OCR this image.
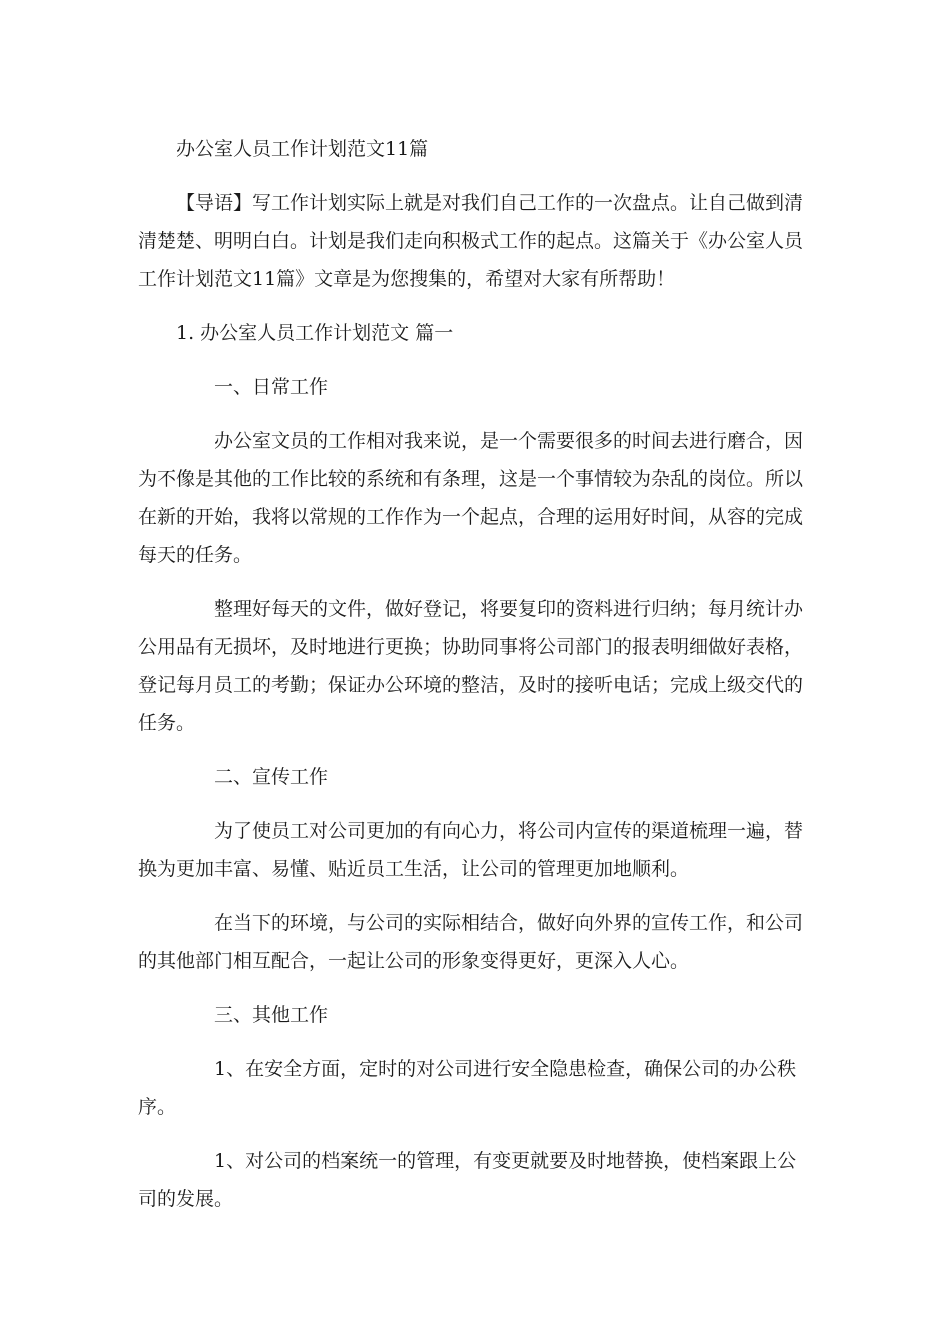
办公室人员工作计划范文11篇

【导语】写工作计划实际上就是对我们自己工作的一次盘点。让自己做到清清楚楚、明明白白。计划是我们走向积极式工作的起点。这篇关于《办公室人员工作计划范文11篇》文章是为您搜集的，希望对大家有所帮助！

1. 办公室人员工作计划范文 篇一

一、日常工作

办公室文员的工作相对我来说，是一个需要很多的时间去进行磨合，因为不像是其他的工作比较的系统和有条理，这是一个事情较为杂乱的岗位。所以在新的开始，我将以常规的工作作为一个起点，合理的运用好时间，从容的完成每天的任务。

整理好每天的文件，做好登记，将要复印的资料进行归纳；每月统计办公用品有无损坏，及时地进行更换；协助同事将公司部门的报表明细做好表格，登记每月员工的考勤；保证办公环境的整洁，及时的接听电话；完成上级交代的任务。

二、宣传工作

为了使员工对公司更加的有向心力，将公司内宣传的渠道梳理一遍，替换为更加丰富、易懂、贴近员工生活，让公司的管理更加地顺利。

在当下的环境，与公司的实际相结合，做好向外界的宣传工作，和公司的其他部门相互配合，一起让公司的形象变得更好，更深入人心。

三、其他工作

1、在安全方面，定时的对公司进行安全隐患检查，确保公司的办公秩序。

1、对公司的档案统一的管理，有变更就要及时地替换，使档案跟上公司的发展。
